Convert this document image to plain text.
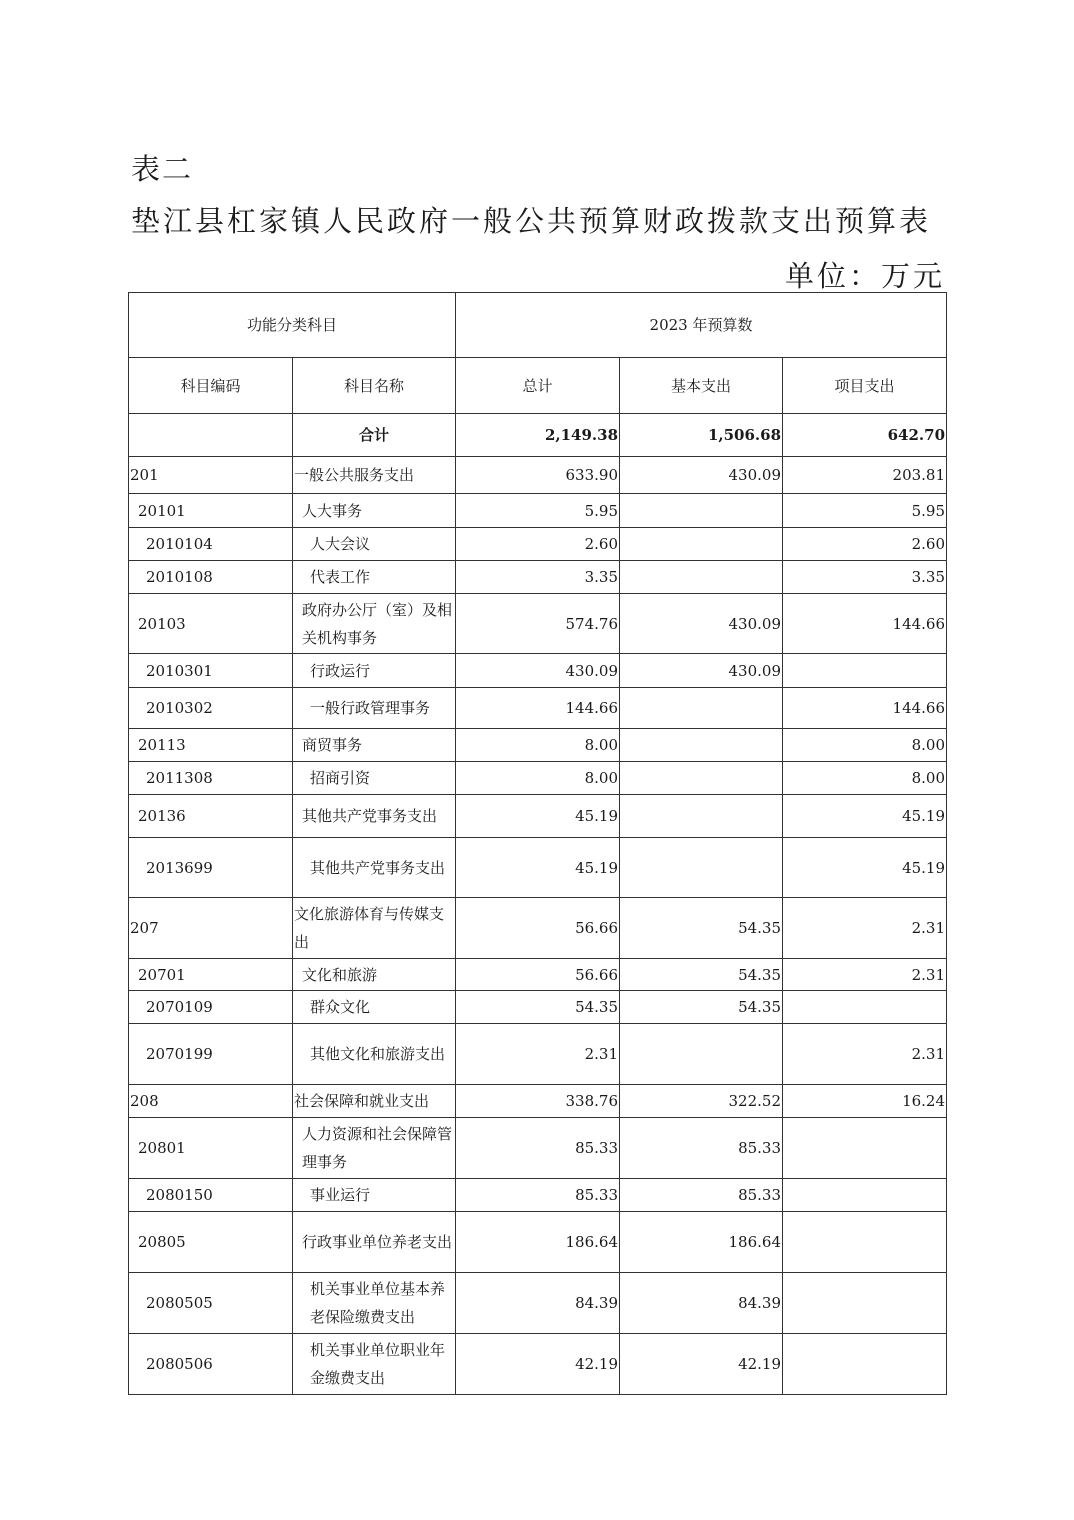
表二
垫江县杠家镇人民政府一般公共预算财政拨款支出预算表
单位：万元
功能分类科目		2023 年预算数		
科目编码	科目名称	总计	基本支出	项目支出
	合计	2,149.38	1,506.68	642.70
201	一般公共服务支出	633.90	430.09	203.81
20101	人大事务	5.95		5.95
2010104	人大会议	2.60		2.60
2010108	代表工作	3.35		3.35
20103	政府办公厅（室）及相关机构事务	574.76	430.09	144.66
2010301	行政运行	430.09	430.09	
2010302	一般行政管理事务	144.66		144.66
20113	商贸事务	8.00		8.00
2011308	招商引资	8.00		8.00
20136	其他共产党事务支出	45.19		45.19
2013699	其他共产党事务支出	45.19		45.19
207	文化旅游体育与传媒支出	56.66	54.35	2.31
20701	文化和旅游	56.66	54.35	2.31
2070109	群众文化	54.35	54.35	
2070199	其他文化和旅游支出	2.31		2.31
208	社会保障和就业支出	338.76	322.52	16.24
20801	人力资源和社会保障管理事务	85.33	85.33	
2080150	事业运行	85.33	85.33	
20805	行政事业单位养老支出	186.64	186.64	
2080505	机关事业单位基本养老保险缴费支出	84.39	84.39	
2080506	机关事业单位职业年金缴费支出	42.19	42.19	
